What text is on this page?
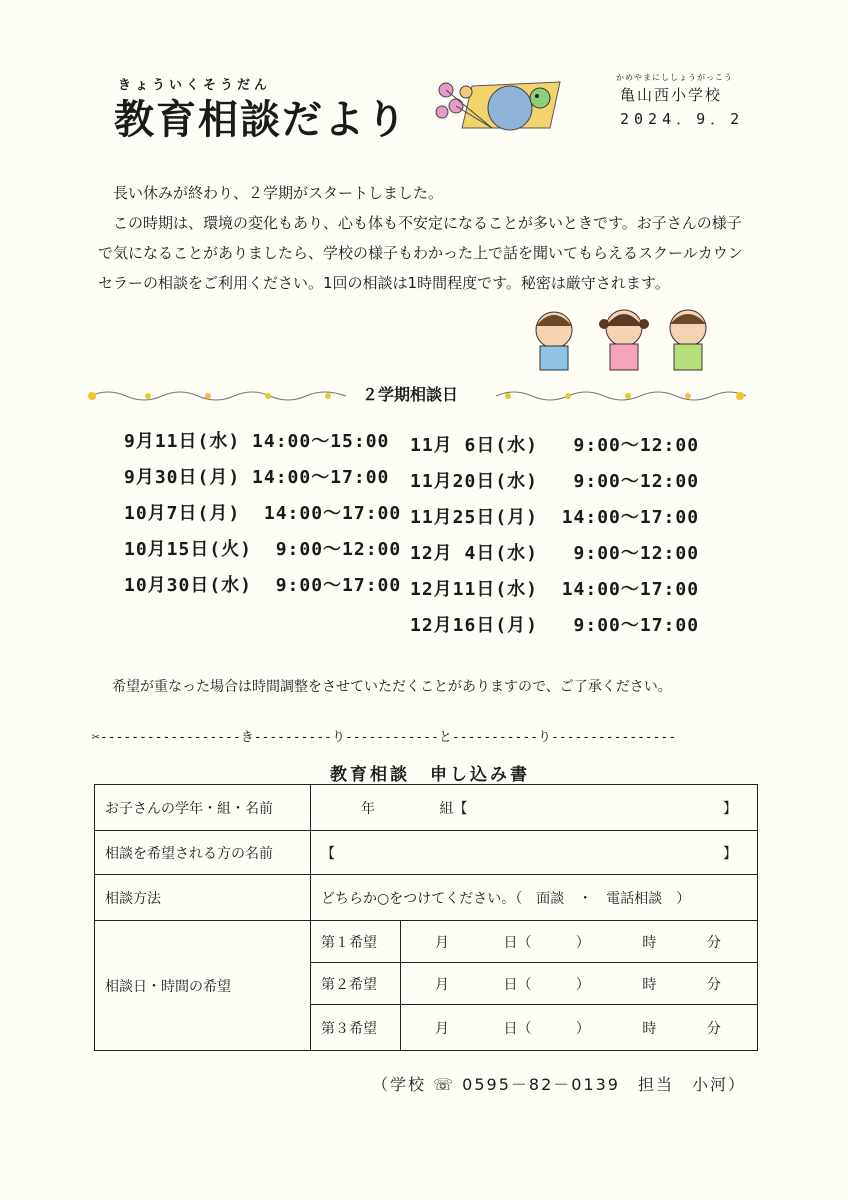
きょういくそうだん
教育相談だより
かめやまにししょうがっこう
亀山西小学校
2024．9．2

長い休みが終わり、２学期がスタートしました。

この時期は、環境の変化もあり、心も体も不安定になることが多いときです。お子さんの様子で気になることがありましたら、学校の様子もわかった上で話を聞いてもらえるスクールカウンセラーの相談をご利用ください。1回の相談は1時間程度です。秘密は厳守されます。

２学期相談日
9月11日(水) 14:00～15:00
9月30日(月) 14:00～17:00
10月7日(月)  14:00～17:00
10月15日(火)  9:00～12:00
10月30日(水)  9:00～17:00
11月 6日(水)   9:00～12:00
11月20日(水)   9:00～12:00
11月25日(月)  14:00～17:00
12月 4日(水)   9:00～12:00
12月11日(水)  14:00～17:00
12月16日(月)   9:00～17:00
希望が重なった場合は時間調整をさせていただくことがありますので、ご了承ください。
✂------------------き----------り------------と-----------り----------------
教育相談　申し込み書
お子さんの学年・組・名前	年 組【 】	

相談を希望される方の名前	【 】	

相談方法	どちらか○をつけてください。（　面談　・　電話相談　）	
相談日・時間の希望	第１希望	月 日（ ） 時 分
	第２希望	月 日（ ） 時 分
	第３希望	月 日（ ） 時 分
（学校 ☏ 0595－82－0139　担当　小河）
